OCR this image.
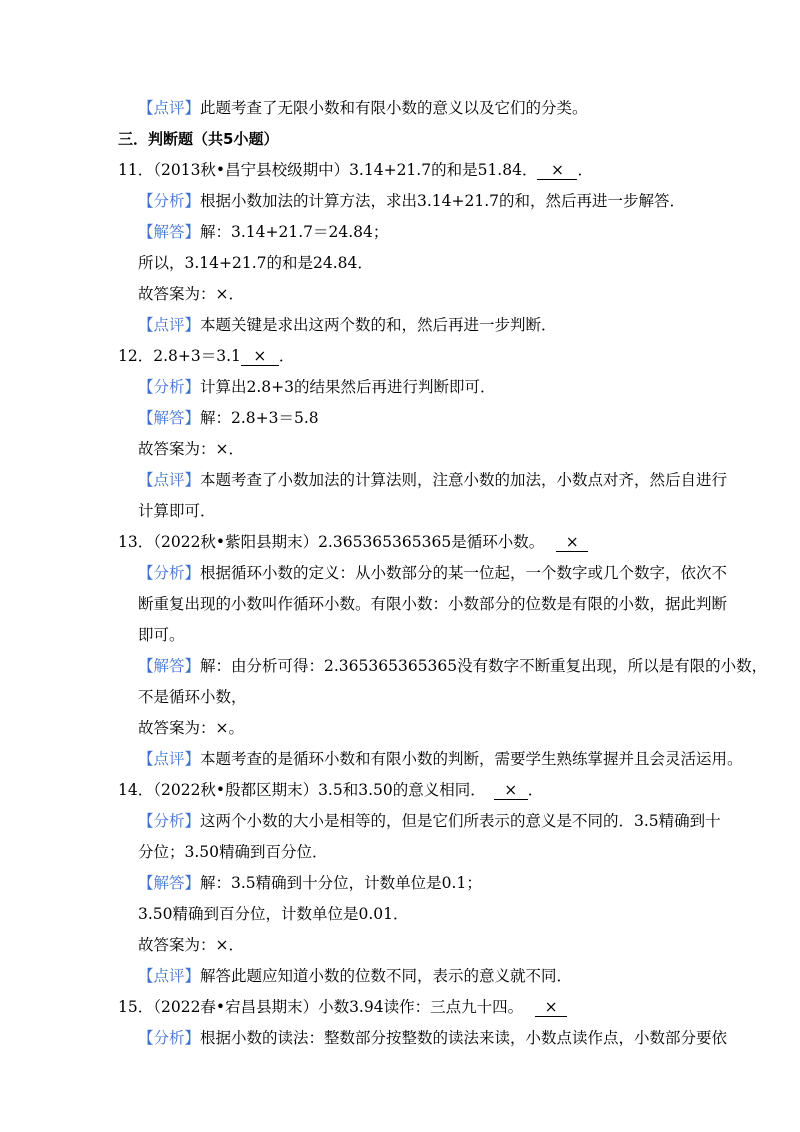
【点评】此题考查了无限小数和有限小数的意义以及它们的分类。
三．判断题（共5小题）
11．（2013秋•昌宁县校级期中）3.14+21.7的和是51.84． × ．
【分析】根据小数加法的计算方法，求出3.14+21.7的和，然后再进一步解答．
【解答】解：3.14+21.7＝24.84；
所以，3.14+21.7的和是24.84．
故答案为：×．
【点评】本题关键是求出这两个数的和，然后再进一步判断．
12．2.8+3＝3.1 × ．
【分析】计算出2.8+3的结果然后再进行判断即可．
【解答】解：2.8+3＝5.8
故答案为：×．
【点评】本题考查了小数加法的计算法则，注意小数的加法，小数点对齐，然后自进行
计算即可．
13．（2022秋•紫阳县期末）2.365365365365是循环小数。 ×
【分析】根据循环小数的定义：从小数部分的某一位起，一个数字或几个数字，依次不
断重复出现的小数叫作循环小数。有限小数：小数部分的位数是有限的小数，据此判断
即可。
【解答】解：由分析可得：2.365365365365没有数字不断重复出现，所以是有限的小数，
不是循环小数，
故答案为：×。
【点评】本题考查的是循环小数和有限小数的判断，需要学生熟练掌握并且会灵活运用。
14．（2022秋•殷都区期末）3.5和3.50的意义相同． × ．
【分析】这两个小数的大小是相等的，但是它们所表示的意义是不同的．3.5精确到十
分位；3.50精确到百分位．
【解答】解：3.5精确到十分位，计数单位是0.1；
3.50精确到百分位，计数单位是0.01．
故答案为：×．
【点评】解答此题应知道小数的位数不同，表示的意义就不同．
15．（2022春•宕昌县期末）小数3.94读作：三点九十四。 ×
【分析】根据小数的读法：整数部分按整数的读法来读，小数点读作点，小数部分要依
